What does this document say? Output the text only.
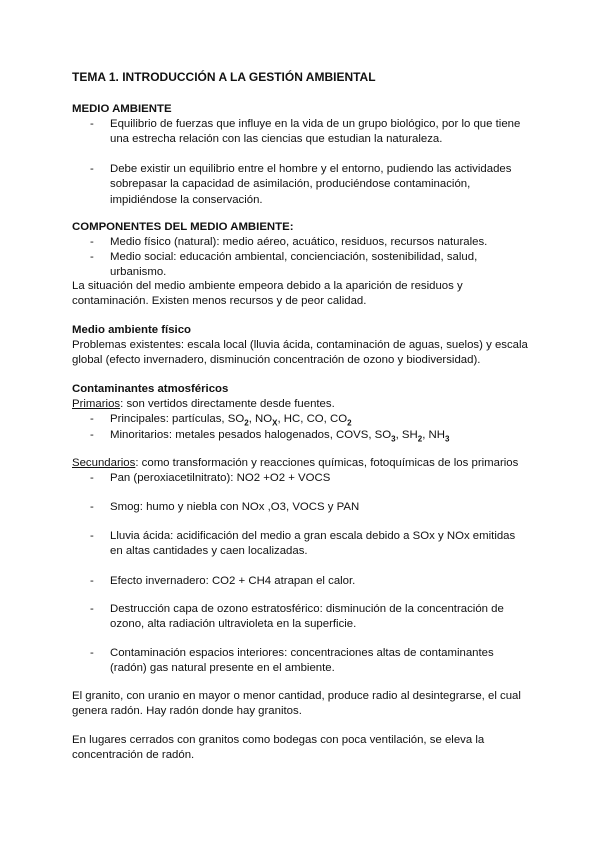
TEMA 1. INTRODUCCIÓN A LA GESTIÓN AMBIENTAL
MEDIO AMBIENTE
- Equilibrio de fuerzas que influye en la vida de un grupo biológico, por lo que tiene una estrecha relación con las ciencias que estudian la naturaleza.
- Debe existir un equilibrio entre el hombre y el entorno, pudiendo las actividades sobrepasar la capacidad de asimilación, produciéndose contaminación, impidiéndose la conservación.
COMPONENTES DEL MEDIO AMBIENTE:
- Medio físico (natural): medio aéreo, acuático, residuos, recursos naturales.
- Medio social: educación ambiental, concienciación, sostenibilidad, salud, urbanismo.
La situación del medio ambiente empeora debido a la aparición de residuos y contaminación. Existen menos recursos y de peor calidad.
Medio ambiente físico
Problemas existentes: escala local (lluvia ácida, contaminación de aguas, suelos) y escala global (efecto invernadero, disminución concentración de ozono y biodiversidad).
Contaminantes atmosféricos
Primarios: son vertidos directamente desde fuentes.
- Principales: partículas, $SO_2$, $NO_X$, HC, CO, $CO_2$
- Minoritarios: metales pesados halogenados, COVS, $SO_3$, $SH_2$, $NH_3$
Secundarios: como transformación y reacciones químicas, fotoquímicas de los primarios
- Pan (peroxiacetilnitrato): NO2 +O2 + VOCS
- Smog: humo y niebla con NOx ,O3, VOCS y PAN
- Lluvia ácida: acidificación del medio a gran escala debido a SOx y NOx emitidas en altas cantidades y caen localizadas.
- Efecto invernadero: CO2 + CH4 atrapan el calor.
- Destrucción capa de ozono estratosférico: disminución de la concentración de ozono, alta radiación ultravioleta en la superficie.
- Contaminación espacios interiores: concentraciones altas de contaminantes (radón) gas natural presente en el ambiente.
El granito, con uranio en mayor o menor cantidad, produce radio al desintegrarse, el cual genera radón. Hay radón donde hay granitos.
En lugares cerrados con granitos como bodegas con poca ventilación, se eleva la concentración de radón.
